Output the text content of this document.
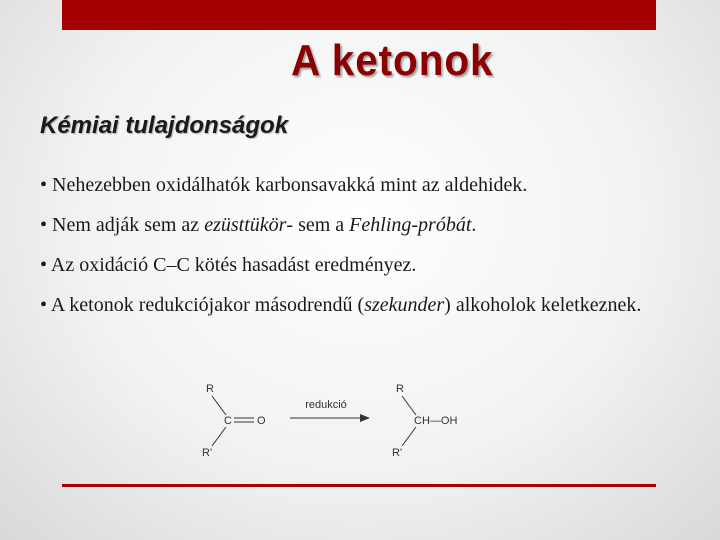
A ketonok
Kémiai tulajdonságok
• Nehezebben oxidálhatók karbonsavakká mint az aldehidek.
• Nem adják sem az ezüsttükör- sem a Fehling-próbát.
• Az oxidáció C–C kötés hasadást eredményez.
• A ketonok redukciójakor másodrendű (szekunder) alkoholok keletkeznek.
R
C O
R'
redukció
R
CH—OH
R'
